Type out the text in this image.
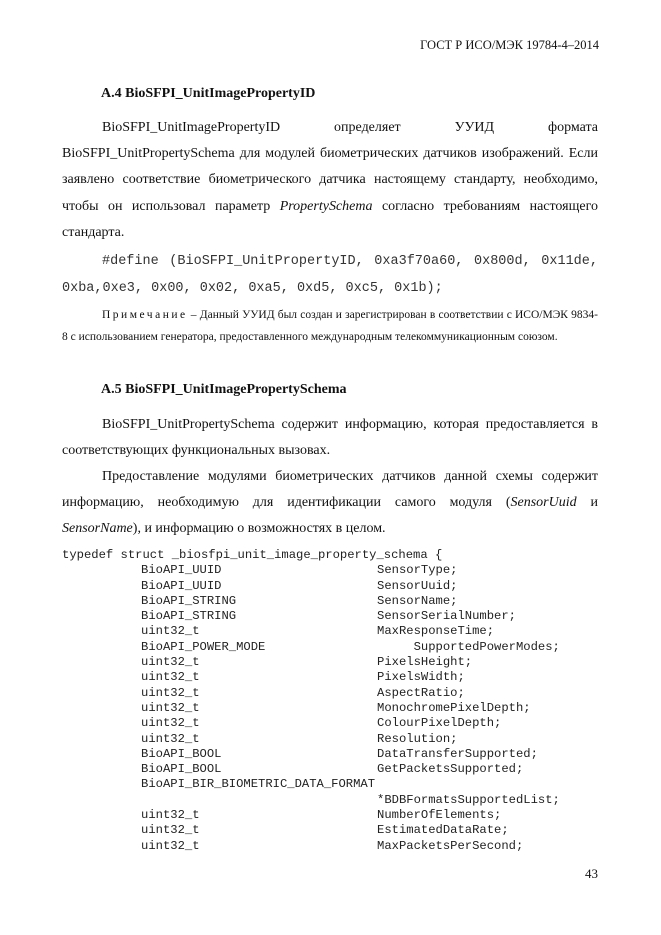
ГОСТ Р ИСО/МЭК 19784-4–2014
A.4 BioSFPI_UnitImagePropertyID
BioSFPI_UnitImagePropertyID определяет УУИД формата BioSFPI_UnitPropertySchema для модулей биометрических датчиков изображений. Если заявлено соответствие биометрического датчика настоящему стандарту, необходимо, чтобы он использовал параметр PropertySchema согласно требованиям настоящего стандарта.
#define (BioSFPI_UnitPropertyID, 0xa3f70a60, 0x800d, 0x11de, 0xba,0xe3, 0x00, 0x02, 0xa5, 0xd5, 0xc5, 0x1b);
Примечание – Данный УУИД был создан и зарегистрирован в соответствии с ИСО/МЭК 9834-8 с использованием генератора, предоставленного международным телекоммуникационным союзом.
A.5 BioSFPI_UnitImagePropertySchema
BioSFPI_UnitPropertySchema содержит информацию, которая предоставляется в соответствующих функциональных вызовах.
Предоставление модулями биометрических датчиков данной схемы содержит информацию, необходимую для идентификации самого модуля (SensorUuid и SensorName), и информацию о возможностях в целом.
typedef struct _biosfpi_unit_image_property_schema {
BioAPI_UUID	SensorType;
BioAPI_UUID	SensorUuid;
BioAPI_STRING	SensorName;
BioAPI_STRING	SensorSerialNumber;
uint32_t	MaxResponseTime;
BioAPI_POWER_MODE	SupportedPowerModes;
uint32_t	PixelsHeight;
uint32_t	PixelsWidth;
uint32_t	AspectRatio;
uint32_t	MonochromePixelDepth;
uint32_t	ColourPixelDepth;
uint32_t	Resolution;
BioAPI_BOOL	DataTransferSupported;
BioAPI_BOOL	GetPacketsSupported;
BioAPI_BIR_BIOMETRIC_DATA_FORMAT
*BDBFormatsSupportedList;
uint32_t	NumberOfElements;
uint32_t	EstimatedDataRate;
uint32_t	MaxPacketsPerSecond;
43
